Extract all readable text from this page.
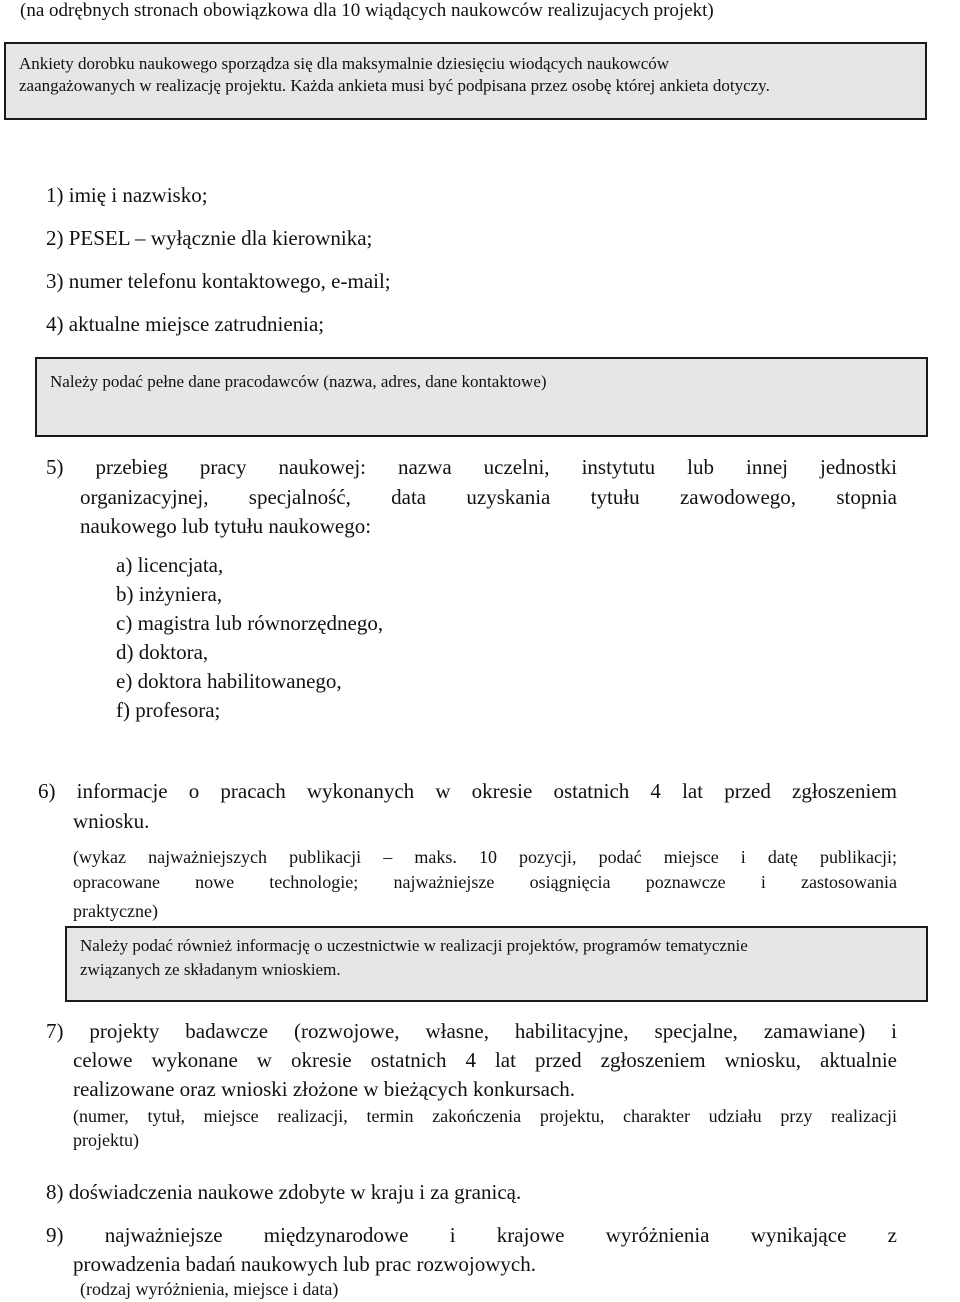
(na odrębnych stronach obowiązkowa dla 10 wiądących naukowców realizujacych projekt)
Ankiety dorobku naukowego sporządza się dla maksymalnie dziesięciu wiodących naukowców
zaangażowanych w realizację projektu. Każda ankieta musi być podpisana przez osobę której ankieta dotyczy.
1) imię i nazwisko;
2) PESEL – wyłącznie dla kierownika;
3) numer telefonu kontaktowego, e-mail;
4) aktualne miejsce zatrudnienia;
Należy podać pełne dane pracodawców (nazwa, adres, dane kontaktowe)
5) przebieg pracy naukowej: nazwa uczelni, instytutu lub innej jednostki
organizacyjnej, specjalność, data uzyskania tytułu zawodowego, stopnia
naukowego lub tytułu naukowego:
a) licencjata,
b) inżyniera,
c) magistra lub równorzędnego,
d) doktora,
e) doktora habilitowanego,
f) profesora;
6) informacje o pracach wykonanych w okresie ostatnich 4 lat przed zgłoszeniem
wniosku.
(wykaz najważniejszych publikacji – maks. 10 pozycji, podać miejsce i datę publikacji;
opracowane nowe technologie; najważniejsze osiągnięcia poznawcze i zastosowania
praktyczne)
Należy podać również informację o uczestnictwie w realizacji projektów, programów tematycznie
związanych ze składanym wnioskiem.
7) projekty badawcze (rozwojowe, własne, habilitacyjne, specjalne, zamawiane) i
celowe wykonane w okresie ostatnich 4 lat przed zgłoszeniem wniosku, aktualnie
realizowane oraz wnioski złożone w bieżących konkursach.
(numer, tytuł, miejsce realizacji, termin zakończenia projektu, charakter udziału przy realizacji
projektu)
8) doświadczenia naukowe zdobyte w kraju i za granicą.
9) najważniejsze międzynarodowe i krajowe wyróżnienia wynikające z
prowadzenia badań naukowych lub prac rozwojowych.
(rodzaj wyróżnienia, miejsce i data)
